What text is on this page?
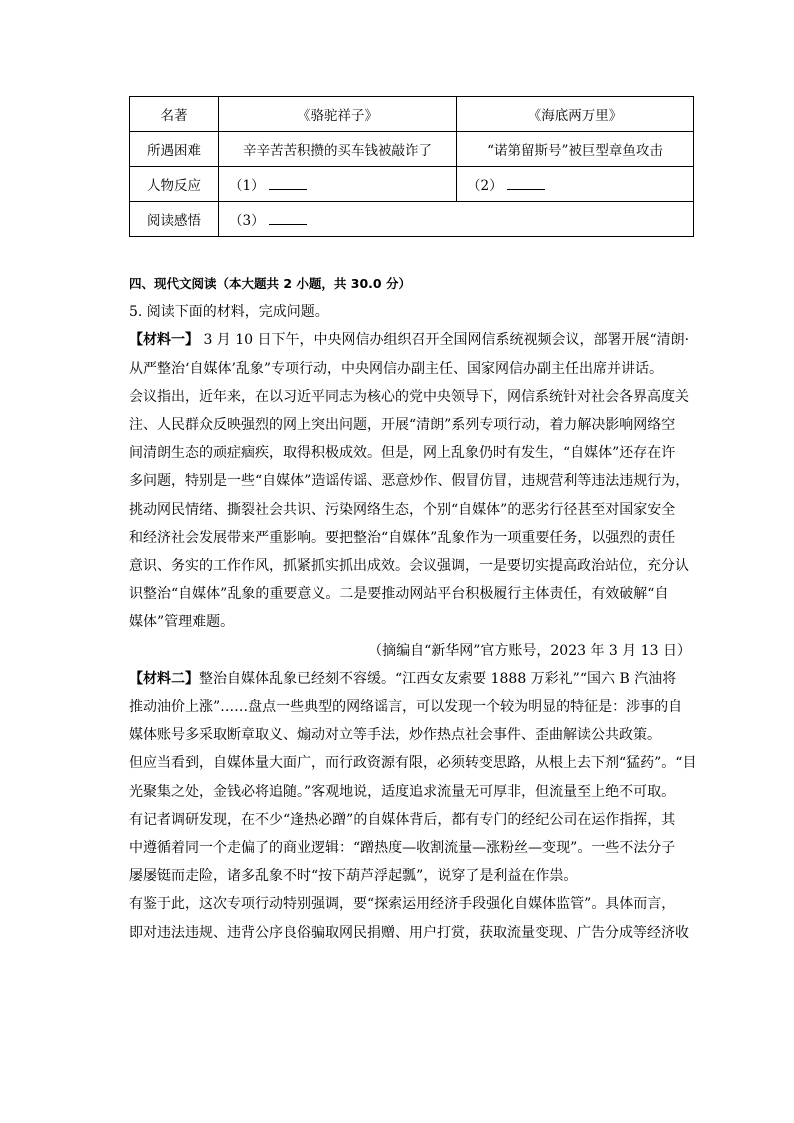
名著	《骆驼祥子》	《海底两万里》
所遇困难	辛辛苦苦积攒的买车钱被敲诈了	“诺第留斯号”被巨型章鱼攻击
人物反应	（1）	（2）
阅读感悟	（3）	

四、现代文阅读（本大题共 2 小题，共 30.0 分）

5. 阅读下面的材料，完成问题。

【材料一】 3 月 10 日下午，中央网信办组织召开全国网信系统视频会议，部署开展“清朗·

从严整治‘自媒体’乱象”专项行动，中央网信办副主任、国家网信办副主任出席并讲话。

会议指出，近年来，在以习近平同志为核心的党中央领导下，网信系统针对社会各界高度关

注、人民群众反映强烈的网上突出问题，开展“清朗”系列专项行动，着力解决影响网络空

间清朗生态的顽症痼疾，取得积极成效。但是，网上乱象仍时有发生，“自媒体”还存在许

多问题，特别是一些“自媒体”造谣传谣、恶意炒作、假冒仿冒，违规营利等违法违规行为，

挑动网民情绪、撕裂社会共识、污染网络生态，个别“自媒体”的恶劣行径甚至对国家安全

和经济社会发展带来严重影响。要把整治“自媒体”乱象作为一项重要任务，以强烈的责任

意识、务实的工作作风，抓紧抓实抓出成效。会议强调，一是要切实提高政治站位，充分认

识整治“自媒体”乱象的重要意义。二是要推动网站平台积极履行主体责任，有效破解“自

媒体”管理难题。

（摘编自“新华网”官方账号，2023 年 3 月 13 日）

【材料二】整治自媒体乱象已经刻不容缓。“江西女友索要 1888 万彩礼”“国六 B 汽油将

推动油价上涨”……盘点一些典型的网络谣言，可以发现一个较为明显的特征是：涉事的自

媒体账号多采取断章取义、煽动对立等手法，炒作热点社会事件、歪曲解读公共政策。

但应当看到，自媒体量大面广，而行政资源有限，必须转变思路，从根上去下剂“猛药”。“目

光聚集之处，金钱必将追随。”客观地说，适度追求流量无可厚非，但流量至上绝不可取。

有记者调研发现，在不少“逢热必蹭”的自媒体背后，都有专门的经纪公司在运作指挥，其

中遵循着同一个走偏了的商业逻辑：“蹭热度—收割流量—涨粉丝—变现”。一些不法分子

屡屡铤而走险，诸多乱象不时“按下葫芦浮起瓢”，说穿了是利益在作祟。

有鉴于此，这次专项行动特别强调，要“探索运用经济手段强化自媒体监管”。具体而言，

即对违法违规、违背公序良俗骗取网民捐赠、用户打赏，获取流量变现、广告分成等经济收
